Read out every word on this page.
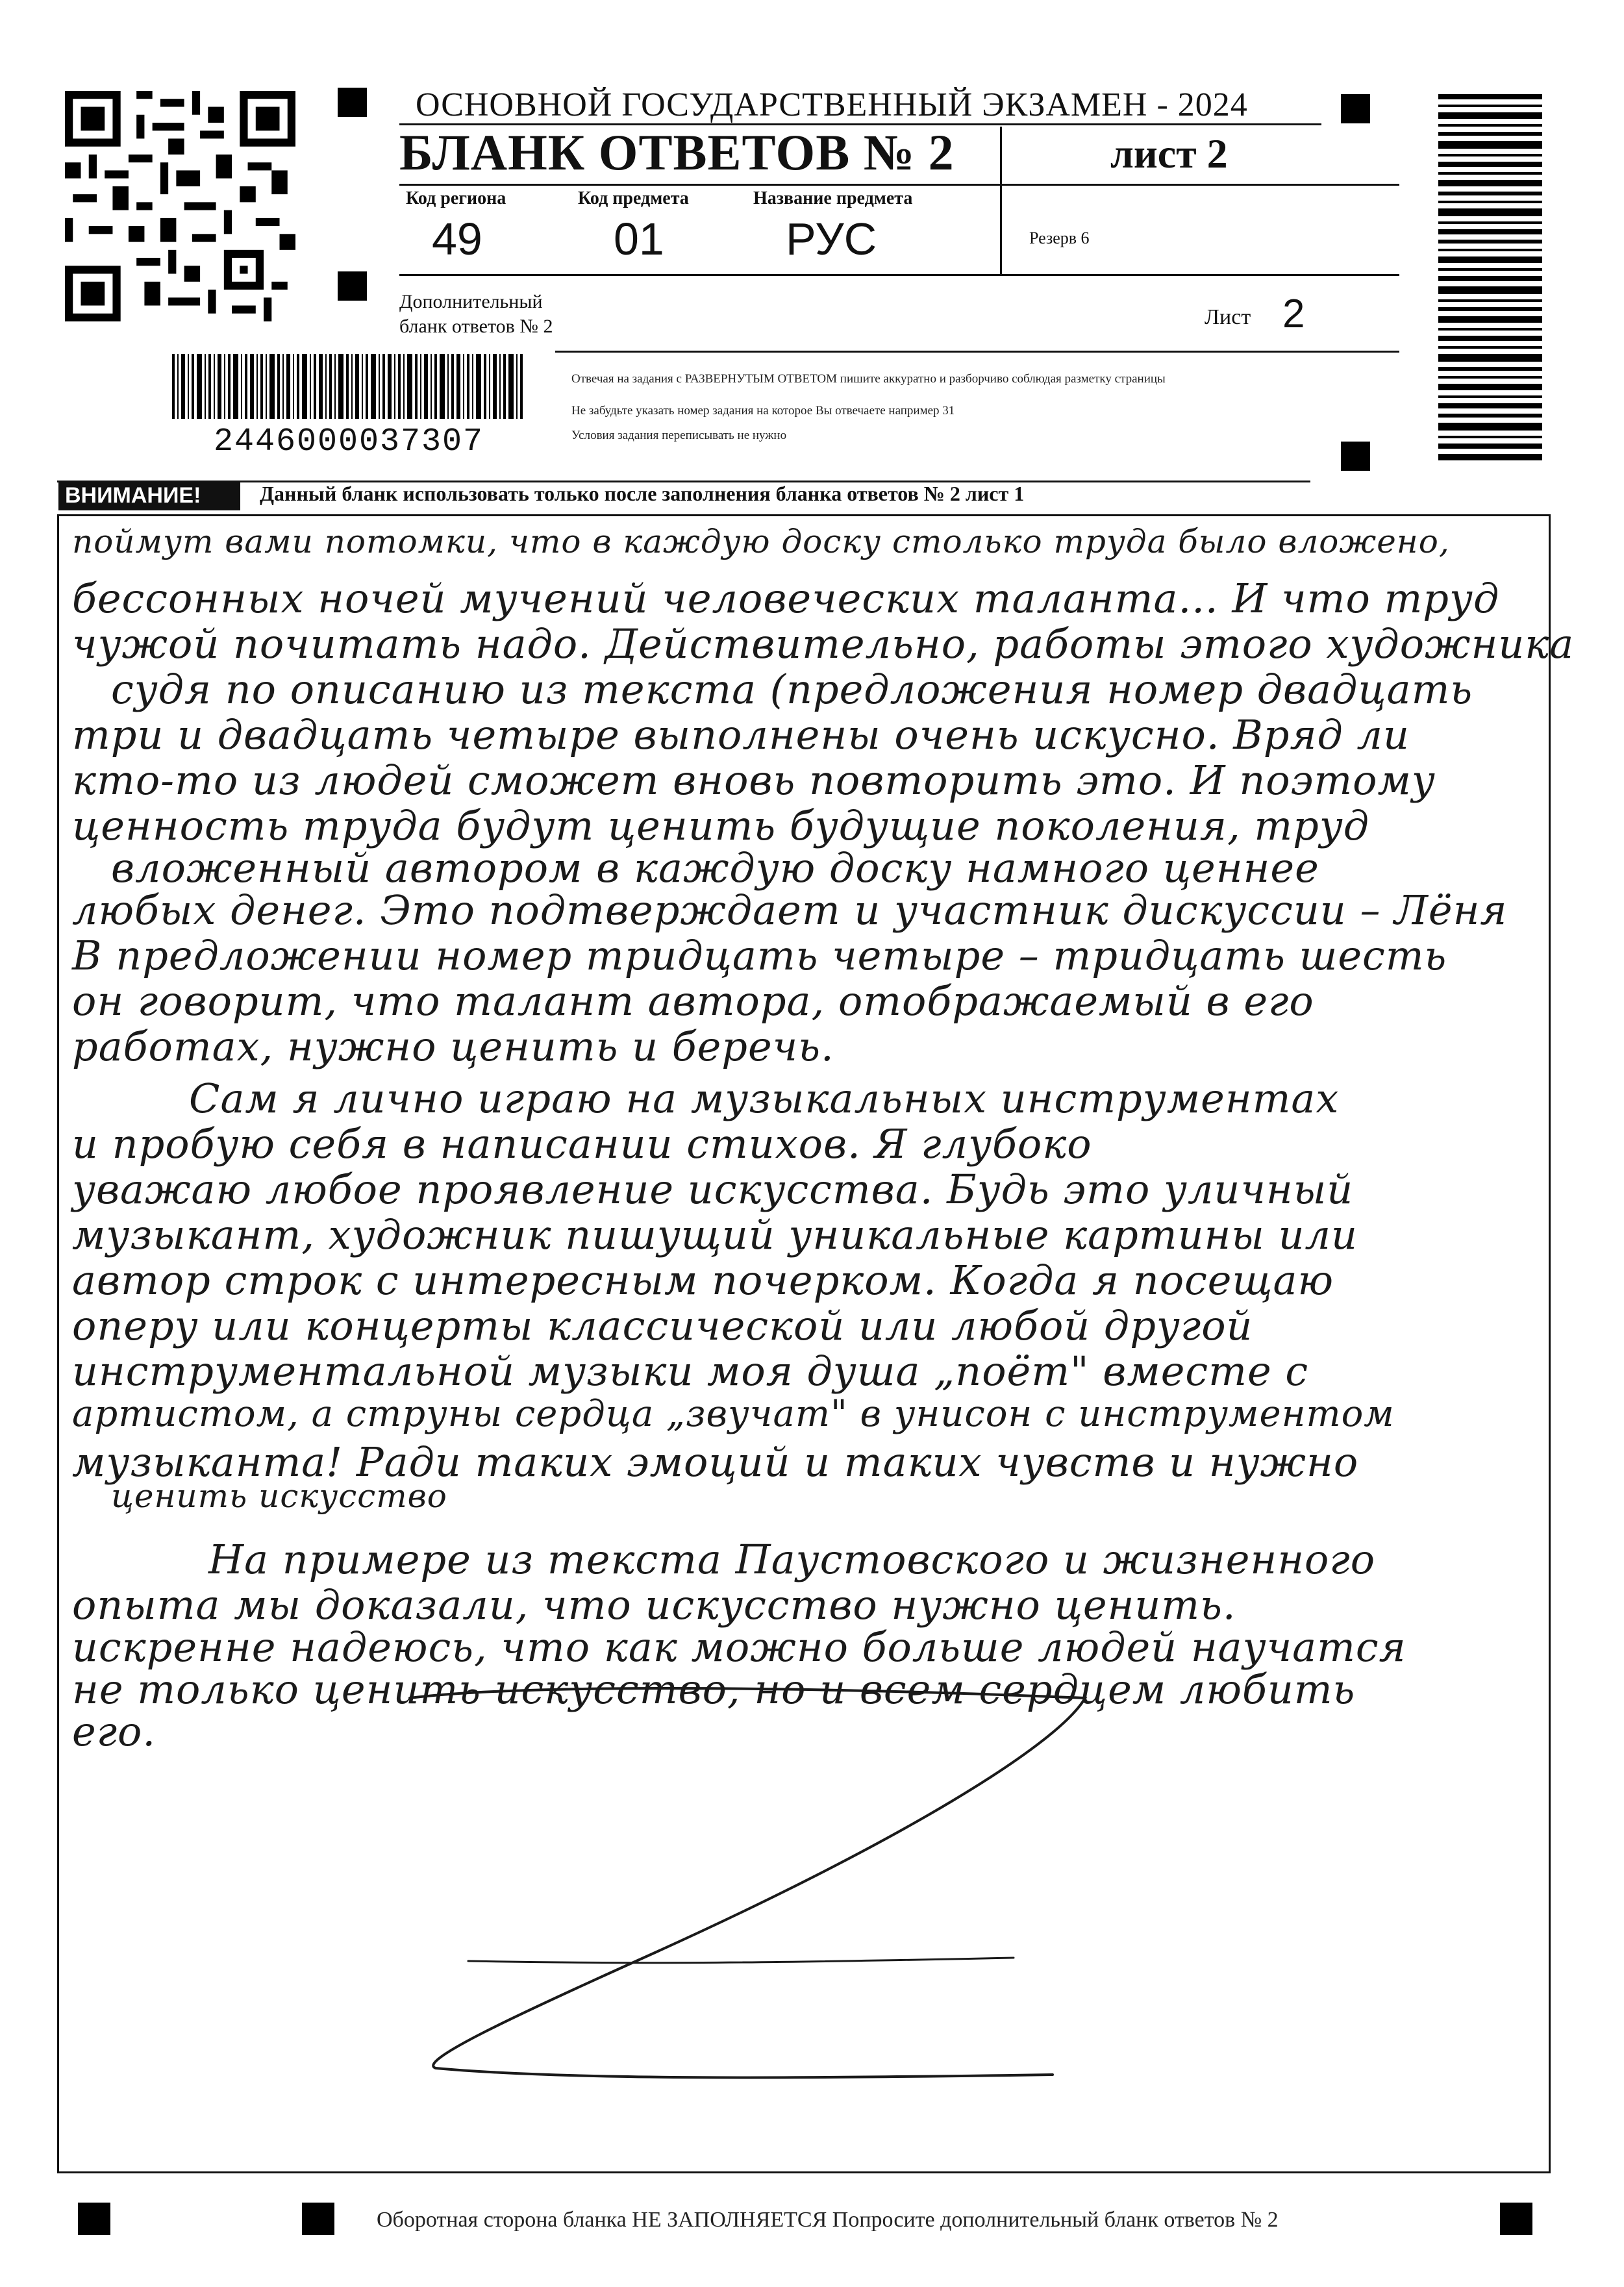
ОСНОВНОЙ ГОСУДАРСТВЕННЫЙ ЭКЗАМЕН - 2024
БЛАНК ОТВЕТОВ № 2	лист 2
Код региона
49
Код предмета
01
Название предмета
РУС	Резерв 6
Дополнительный
бланк ответов № 2	Лист 2
Отвечая на задания с РАЗВЕРНУТЫМ ОТВЕТОМ пишите аккуратно и разборчиво соблюдая разметку страницы
Не забудьте указать номер задания на которое Вы отвечаете например 31
Условия задания переписывать не нужно
2446000037307
ВНИМАНИЕ!	Данный бланк использовать только после заполнения бланка ответов № 2 лист 1
поймут вами потомки, что в каждую доску столько труда было вложено,
бессонных ночей мучений человеческих таланта... И что труд
чужой почитать надо. Действительно, работы этого художника
судя по описанию из текста (предложения номер двадцать
три и двадцать четыре выполнены очень искусно. Вряд ли
кто-то из людей сможет вновь повторить это. И поэтому
ценность труда будут ценить будущие поколения, труд
вложенный автором в каждую доску намного ценнее
любых денег. Это подтверждает и участник дискуссии – Лёня
В предложении номер тридцать четыре – тридцать шесть
он говорит, что талант автора, отображаемый в его
работах, нужно ценить и беречь.
Сам я лично играю на музыкальных инструментах
и пробую себя в написании стихов. Я глубоко
уважаю любое проявление искусства. Будь это уличный
музыкант, художник пишущий уникальные картины или
автор строк с интересным почерком. Когда я посещаю
оперу или концерты классической или любой другой
инструментальной музыки моя душа „поёт" вместе с
артистом, а струны сердца „звучат" в унисон с инструментом
музыканта! Ради таких эмоций и таких чувств и нужно
ценить искусство
На примере из текста Паустовского и жизненного
опыта мы доказали, что искусство нужно ценить.
искренне надеюсь, что как можно больше людей научатся
не только ценить искусство, но и всем сердцем любить
его.
Оборотная сторона бланка НЕ ЗАПОЛНЯЕТСЯ Попросите дополнительный бланк ответов № 2
